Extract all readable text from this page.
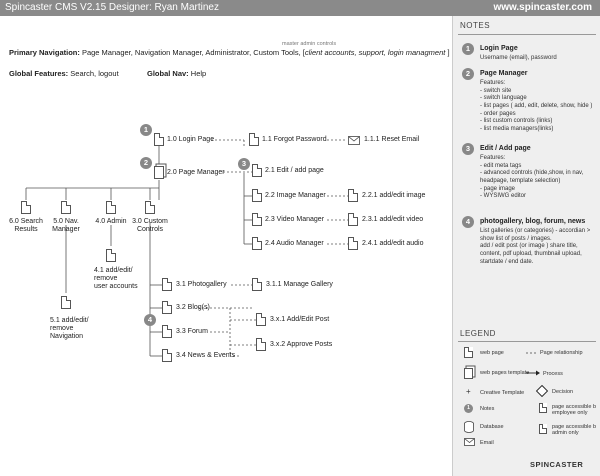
Spincaster CMS V2.15 Designer: Ryan Martinez	www.spincaster.com
master admin controls
Primary Navigation: Page Manager, Navigation Manager, Administrator, Custom Tools, [client accounts, support, login managment ]
Global Features: Search, logout	Global Nav: Help
1.0 Login Page
1
1.1 Forgot Password	1.1.1 Reset Email
2.0 Page Manager
2	3
2.1 Edit / add page
2.2 Image Manager	2.2.1 add/edit image
2.3 Video Manager	2.3.1 add/edit video
2.4 Audio Manager	2.4.1 add/edit audio
6.0 Search
Results
5.0 Nav.
Manager
4.0 Admin 3.0 Custom
Controls
4.1 add/edit/
remove
user accounts
5.1 add/edit/
remove
Navigation
3.1 Photogallery	3.1.1 Manage Gallery
3.2 Blog(s)
4
3.3 Forum
3.4 News & Events
3.x.1 Add/Edit Post
3.x.2 Approve Posts
NOTES
1	Login Page
Username (email), password
2	Page Manager
Features:
- switch site
- switch language
- list pages ( add, edit, delete, show, hide )
- order pages
- list custom controls (links)
- list media managers(links)
3	Edit / Add page
Features:
- edit meta tags
- advanced controls (hide,show, in nav,
headpage, template selection)
- page image
- WYSIWG editor
4	photogallery, blog, forum, news
List galleries (or categories) - accordian >
show list of posts / images.
add / edit post (or image ) share title,
content, pdf upload, thumbnail upload,
startdate / end date.
LEGEND
web page	Page relationship
web pages template	Process
+ Creative Template	Decision
1	Notes	page accessible b
employee only
Database	page accessible b
admin only
Email
SPINCASTER
